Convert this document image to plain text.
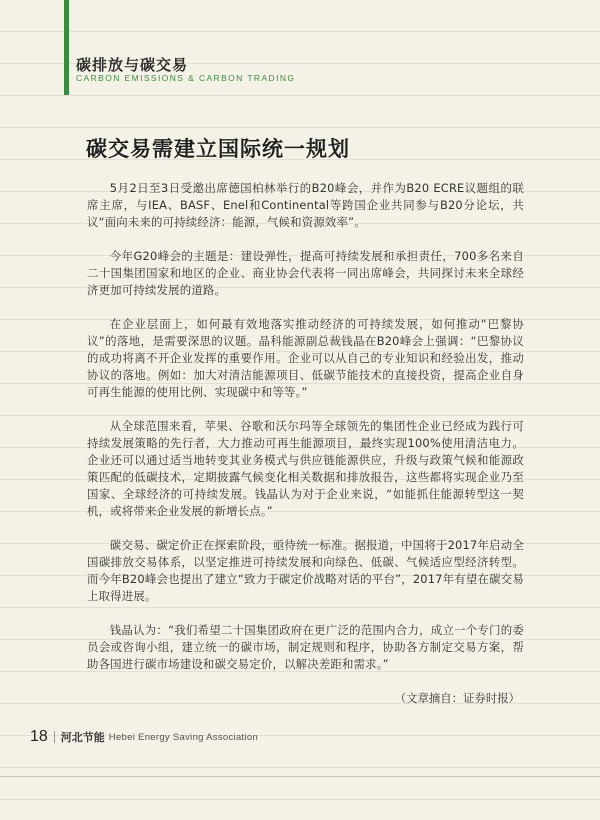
碳排放与碳交易
CARBON EMISSIONS & CARBON TRADING
碳交易需建立国际统一规划

5月2日至3日受邀出席德国柏林举行的B20峰会，并作为B20 ECRE议题组的联席主席，与IEA、BASF、Enel和Continental等跨国企业共同参与B20分论坛，共议“面向未来的可持续经济：能源，气候和资源效率”。

今年G20峰会的主题是：建设弹性，提高可持续发展和承担责任，700多名来自二十国集团国家和地区的企业、商业协会代表将一同出席峰会，共同探讨未来全球经济更加可持续发展的道路。

在企业层面上，如何最有效地落实推动经济的可持续发展，如何推动“巴黎协议”的落地，是需要深思的议题。晶科能源副总裁钱晶在B20峰会上强调：“巴黎协议的成功将离不开企业发挥的重要作用。企业可以从自己的专业知识和经验出发，推动协议的落地。例如：加大对清洁能源项目、低碳节能技术的直接投资，提高企业自身可再生能源的使用比例、实现碳中和等等。”

从全球范围来看，苹果、谷歌和沃尔玛等全球领先的集团性企业已经成为践行可持续发展策略的先行者，大力推动可再生能源项目，最终实现100%使用清洁电力。企业还可以通过适当地转变其业务模式与供应链能源供应，升级与政策气候和能源政策匹配的低碳技术，定期披露气候变化相关数据和排放报告，这些都将实现企业乃至国家、全球经济的可持续发展。钱晶认为对于企业来说，“如能抓住能源转型这一契机，或将带来企业发展的新增长点。”

碳交易、碳定价正在探索阶段，亟待统一标准。据报道，中国将于2017年启动全国碳排放交易体系，以坚定推进可持续发展和向绿色、低碳、气候适应型经济转型。而今年B20峰会也提出了建立“致力于碳定价战略对话的平台”，2017年有望在碳交易上取得进展。

钱晶认为：“我们希望二十国集团政府在更广泛的范围内合力，成立一个专门的委员会或咨询小组，建立统一的碳市场，制定规则和程序，协助各方制定交易方案，帮助各国进行碳市场建设和碳交易定价，以解决差距和需求。”

（文章摘自：证券时报）
18 河北节能 Hebei Energy Saving Association
